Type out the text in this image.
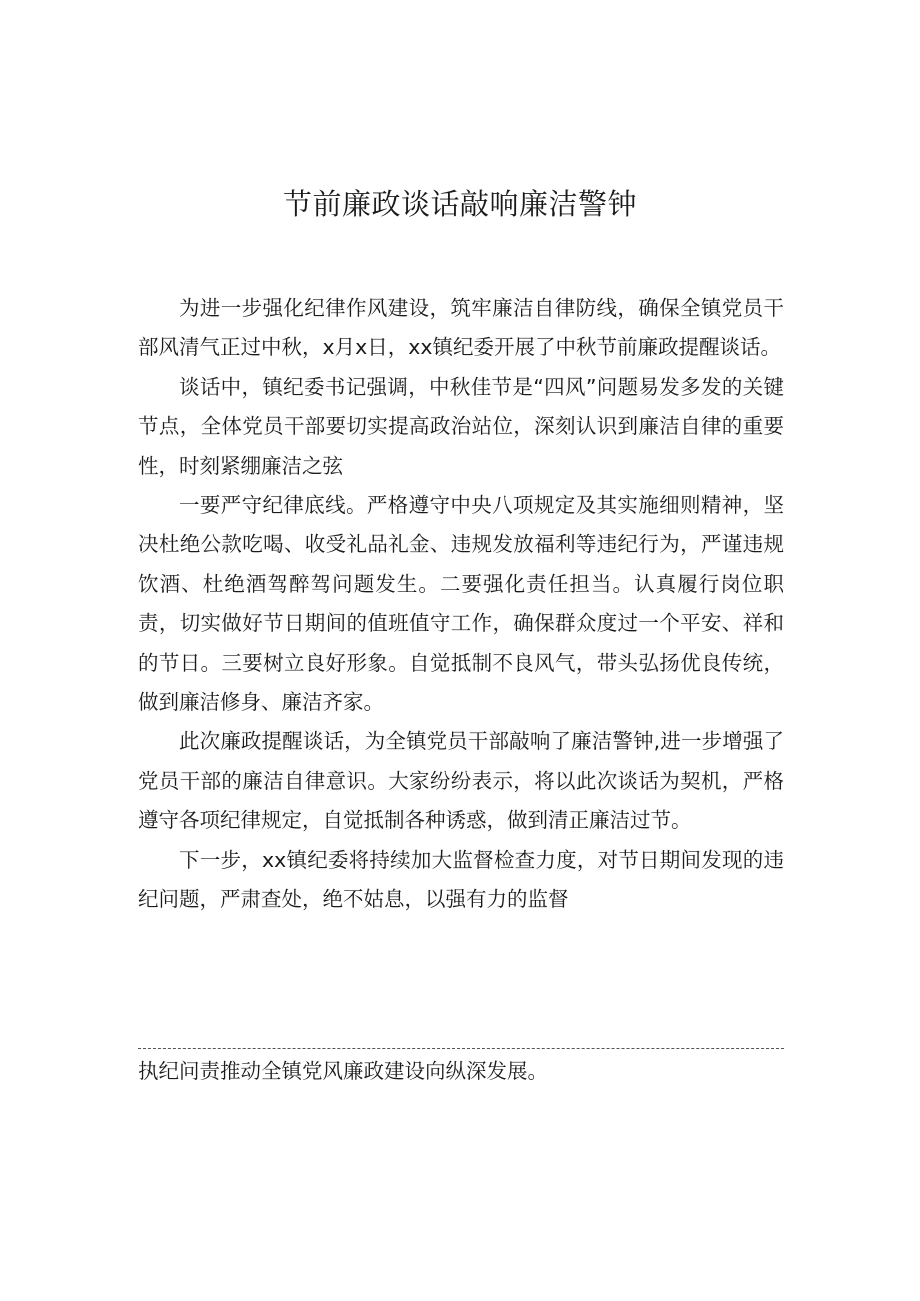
节前廉政谈话敲响廉洁警钟

为进一步强化纪律作风建设，筑牢廉洁自律防线，确保全镇党员干部风清气正过中秋，x月x日，xx镇纪委开展了中秋节前廉政提醒谈话。

谈话中，镇纪委书记强调，中秋佳节是“四风”问题易发多发的关键节点，全体党员干部要切实提高政治站位，深刻认识到廉洁自律的重要性，时刻紧绷廉洁之弦

一要严守纪律底线。严格遵守中央八项规定及其实施细则精神，坚决杜绝公款吃喝、收受礼品礼金、违规发放福利等违纪行为，严谨违规饮酒、杜绝酒驾醉驾问题发生。二要强化责任担当。认真履行岗位职责，切实做好节日期间的值班值守工作，确保群众度过一个平安、祥和的节日。三要树立良好形象。自觉抵制不良风气，带头弘扬优良传统，做到廉洁修身、廉洁齐家。

此次廉政提醒谈话，为全镇党员干部敲响了廉洁警钟,进一步增强了党员干部的廉洁自律意识。大家纷纷表示，将以此次谈话为契机，严格遵守各项纪律规定，自觉抵制各种诱惑，做到清正廉洁过节。

下一步，xx镇纪委将持续加大监督检查力度，对节日期间发现的违纪问题，严肃查处，绝不姑息，以强有力的监督

执纪问责推动全镇党风廉政建设向纵深发展。
